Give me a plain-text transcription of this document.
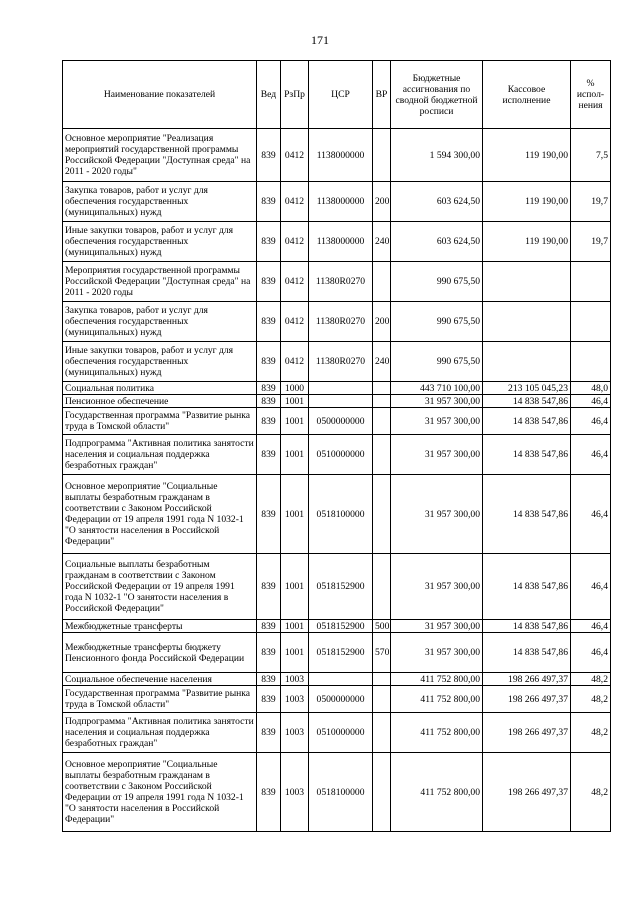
171
Наименование показателей	Вед	РзПр	ЦСР	ВР	Бюджетные ассигнования по сводной бюджетной росписи	Кассовое исполнение	% испол-нения
Основное мероприятие "Реализация мероприятий государственной программы Российской Федерации "Доступная среда" на 2011 - 2020 годы"	839	0412	1138000000		1 594 300,00	119 190,00	7,5
Закупка товаров, работ и услуг для обеспечения государственных (муниципальных) нужд	839	0412	1138000000	200	603 624,50	119 190,00	19,7
Иные закупки товаров, работ и услуг для обеспечения государственных (муниципальных) нужд	839	0412	1138000000	240	603 624,50	119 190,00	19,7
Мероприятия государственной программы Российской Федерации "Доступная среда" на 2011 - 2020 годы	839	0412	11380R0270		990 675,50		
Закупка товаров, работ и услуг для обеспечения государственных (муниципальных) нужд	839	0412	11380R0270	200	990 675,50		
Иные закупки товаров, работ и услуг для обеспечения государственных (муниципальных) нужд	839	0412	11380R0270	240	990 675,50		
Социальная политика	839	1000			443 710 100,00	213 105 045,23	48,0
Пенсионное обеспечение	839	1001			31 957 300,00	14 838 547,86	46,4
Государственная программа "Развитие рынка труда в Томской области"	839	1001	0500000000		31 957 300,00	14 838 547,86	46,4
Подпрограмма "Активная политика занятости населения и социальная поддержка безработных граждан"	839	1001	0510000000		31 957 300,00	14 838 547,86	46,4
Основное мероприятие "Социальные выплаты безработным гражданам в соответствии с Законом Российской Федерации от 19 апреля 1991 года N 1032-1 "О занятости населения в Российской Федерации"	839	1001	0518100000		31 957 300,00	14 838 547,86	46,4
Социальные выплаты безработным гражданам в соответствии с Законом Российской Федерации от 19 апреля 1991 года N 1032-1 "О занятости населения в Российской Федерации"	839	1001	0518152900		31 957 300,00	14 838 547,86	46,4
Межбюджетные трансферты	839	1001	0518152900	500	31 957 300,00	14 838 547,86	46,4
Межбюджетные трансферты бюджету Пенсионного фонда Российской Федерации	839	1001	0518152900	570	31 957 300,00	14 838 547,86	46,4
Социальное обеспечение населения	839	1003			411 752 800,00	198 266 497,37	48,2
Государственная программа "Развитие рынка труда в Томской области"	839	1003	0500000000		411 752 800,00	198 266 497,37	48,2
Подпрограмма "Активная политика занятости населения и социальная поддержка безработных граждан"	839	1003	0510000000		411 752 800,00	198 266 497,37	48,2
Основное мероприятие "Социальные выплаты безработным гражданам в соответствии с Законом Российской Федерации от 19 апреля 1991 года N 1032-1 "О занятости населения в Российской Федерации"	839	1003	0518100000		411 752 800,00	198 266 497,37	48,2
